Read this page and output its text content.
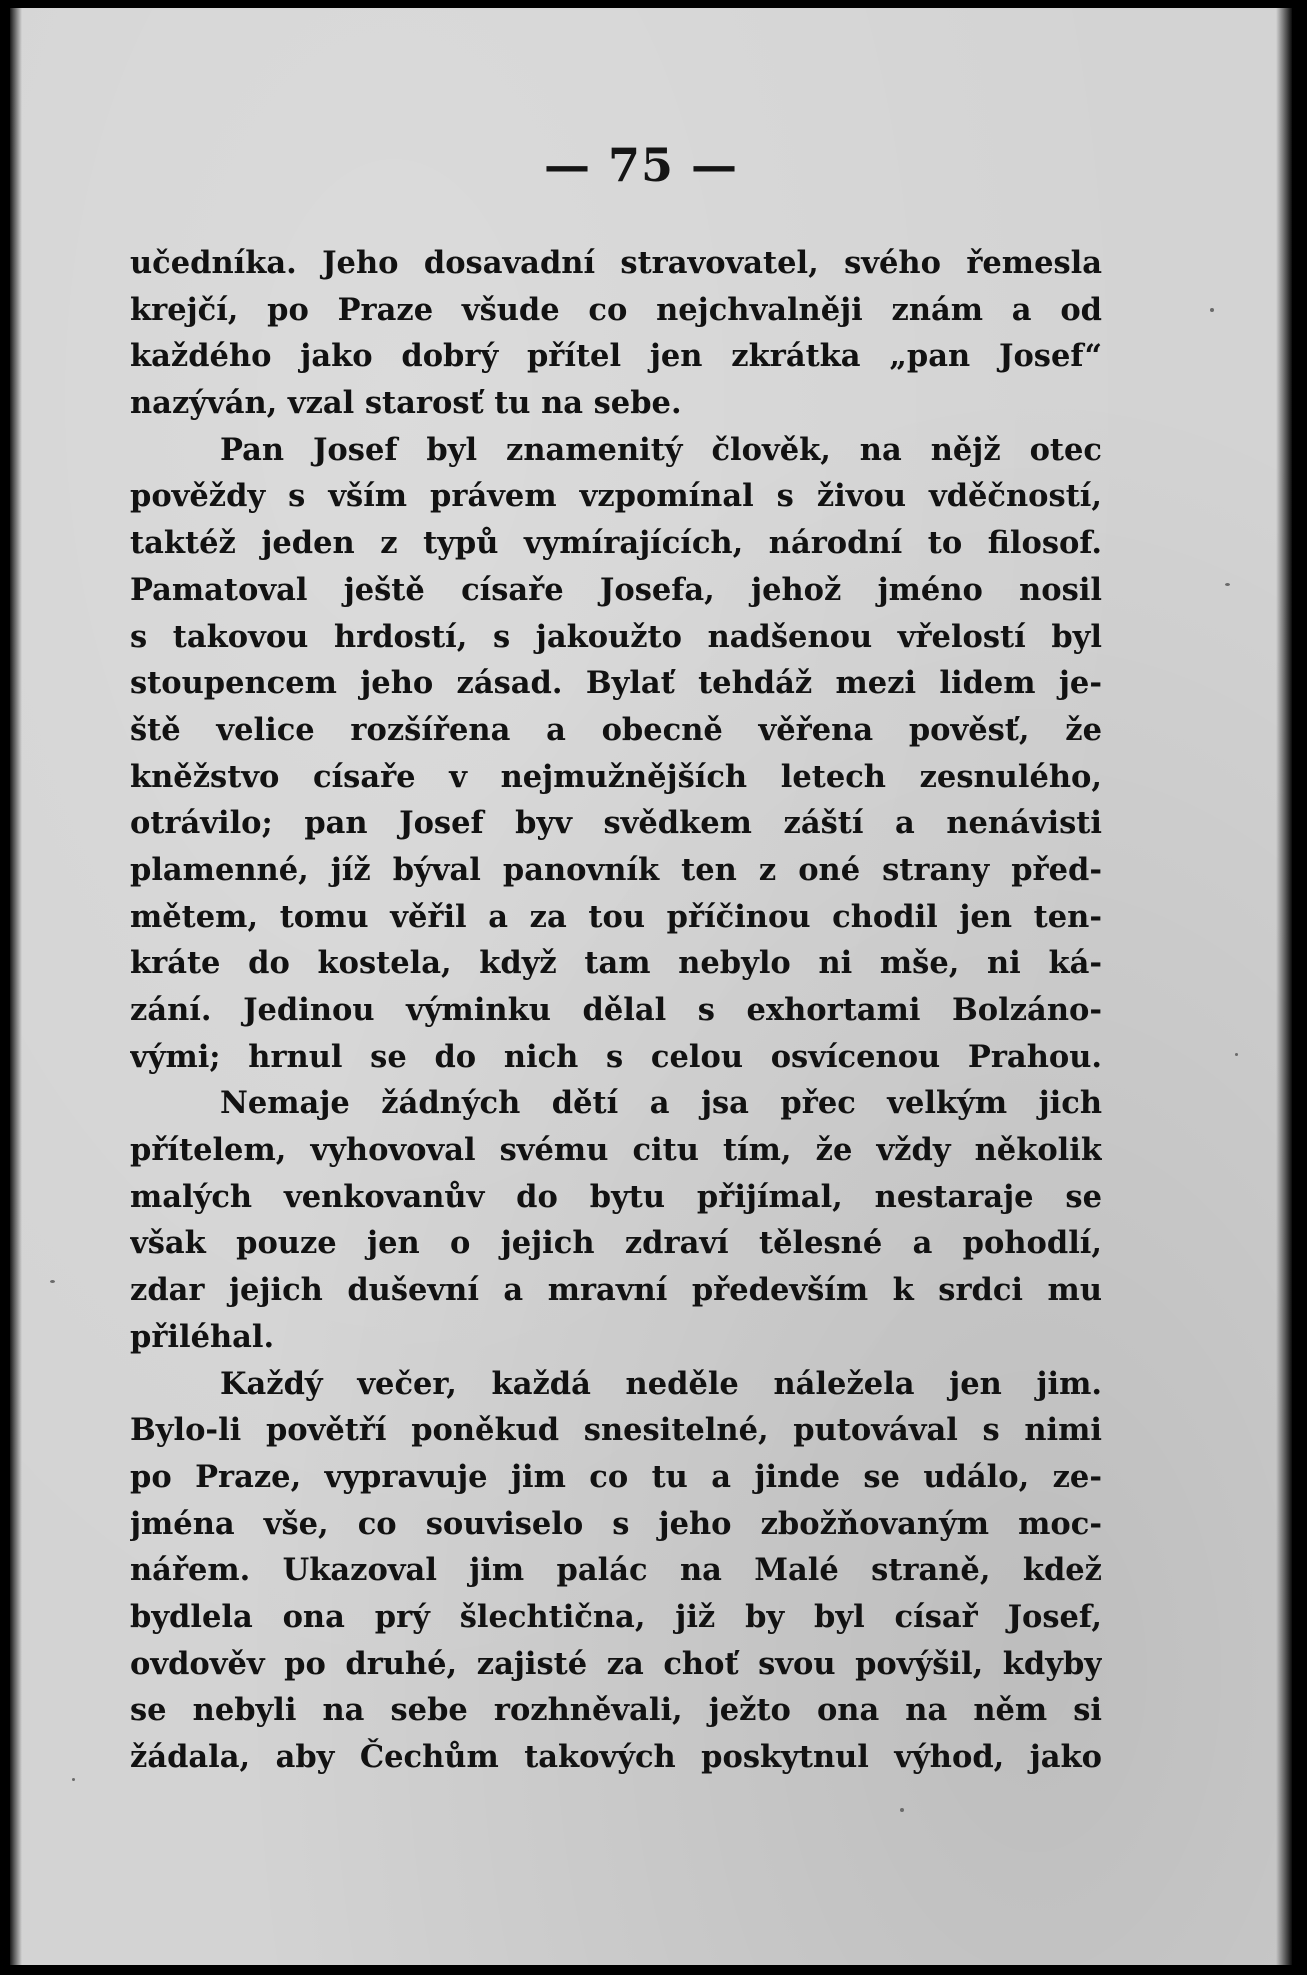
— 75 —
učedníka. Jeho dosavadní stravovatel, svého řemesla
krejčí, po Praze všude co nejchvalněji znám a od
každého jako dobrý přítel jen zkrátka „pan Josef“
nazýván, vzal starosť tu na sebe.
Pan Josef byl znamenitý člověk, na nějž otec
pověždy s vším právem vzpomínal s živou vděčností,
taktéž jeden z typů vymírajících, národní to filosof.
Pamatoval ještě císaře Josefa, jehož jméno nosil
s takovou hrdostí, s jakoužto nadšenou vřelostí byl
stoupencem jeho zásad. Bylať tehdáž mezi lidem je-
ště velice rozšířena a obecně věřena pověsť, že
kněžstvo císaře v nejmužnějších letech zesnulého,
otrávilo; pan Josef byv svědkem záští a nenávisti
plamenné, jíž býval panovník ten z oné strany před-
mětem, tomu věřil a za tou příčinou chodil jen ten-
kráte do kostela, když tam nebylo ni mše, ni ká-
zání. Jedinou výminku dělal s exhortami Bolzáno-
vými; hrnul se do nich s celou osvícenou Prahou.
Nemaje žádných dětí a jsa přec velkým jich
přítelem, vyhovoval svému citu tím, že vždy několik
malých venkovanův do bytu přijímal, nestaraje se
však pouze jen o jejich zdraví tělesné a pohodlí,
zdar jejich duševní a mravní především k srdci mu
přiléhal.
Každý večer, každá neděle náležela jen jim.
Bylo-li povětří poněkud snesitelné, putovával s nimi
po Praze, vypravuje jim co tu a jinde se událo, ze-
jména vše, co souviselo s jeho zbožňovaným moc-
nářem. Ukazoval jim palác na Malé straně, kdež
bydlela ona prý šlechtična, již by byl císař Josef,
ovdověv po druhé, zajisté za choť svou povýšil, kdyby
se nebyli na sebe rozhněvali, ježto ona na něm si
žádala, aby Čechům takových poskytnul výhod, jako
